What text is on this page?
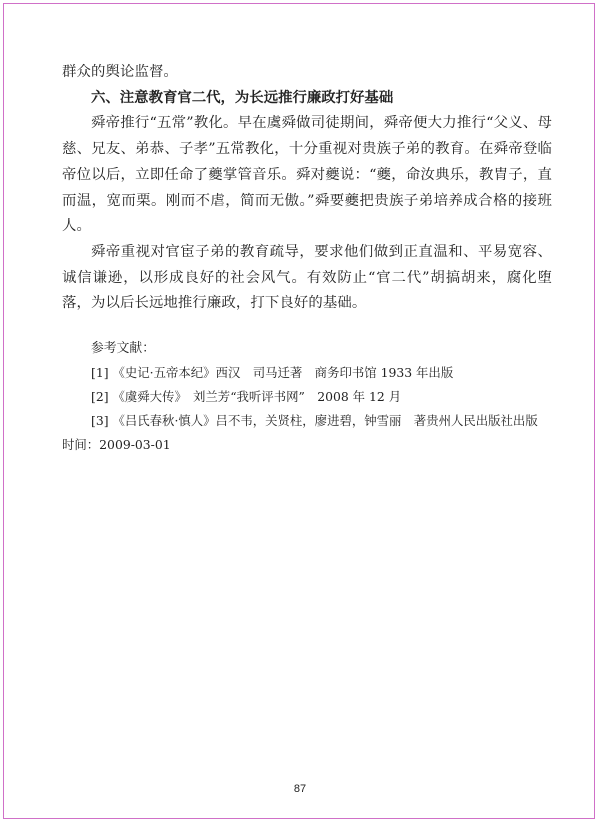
群众的舆论监督。

六、注意教育官二代，为长远推行廉政打好基础

舜帝推行“五常”教化。早在虞舜做司徒期间，舜帝便大力推行“父义、母慈、兄友、弟恭、子孝”五常教化，十分重视对贵族子弟的教育。在舜帝登临帝位以后，立即任命了夔掌管音乐。舜对夔说：“夔，命汝典乐，教胄子，直而温，宽而栗。刚而不虐，简而无傲。”舜要夔把贵族子弟培养成合格的接班人。

舜帝重视对官宦子弟的教育疏导，要求他们做到正直温和、平易宽容、诚信谦逊，以形成良好的社会风气。有效防止“官二代”胡搞胡来，腐化堕落，为以后长远地推行廉政，打下良好的基础。

参考文献：

[1] 《史记·五帝本纪》西汉　司马迁著　商务印书馆 1933 年出版

[2] 《虞舜大传》　刘兰芳“我听评书网”　2008 年 12 月

[3] 《吕氏春秋·慎人》吕不韦，关贤柱，廖进碧，钟雪丽　著贵州人民出版社出版

时间：2009-03-01

87
